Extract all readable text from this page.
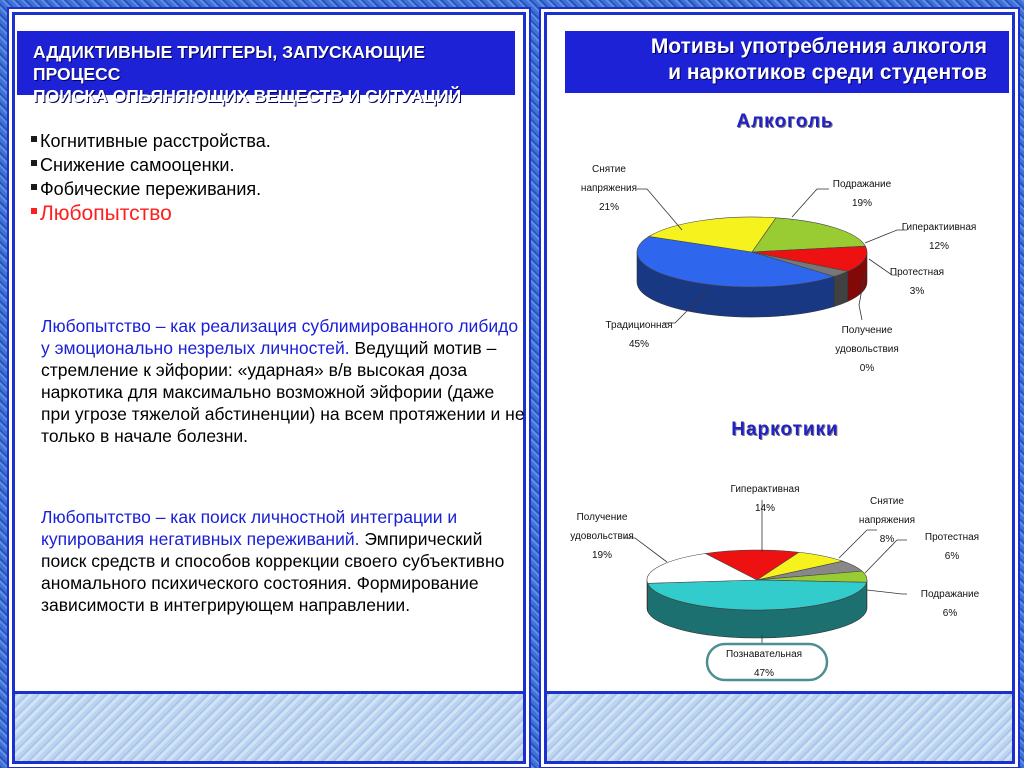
АДДИКТИВНЫЕ ТРИГГЕРЫ, ЗАПУСКАЮЩИЕ ПРОЦЕСС
ПОИСКА ОПЬЯНЯЮЩИХ ВЕЩЕСТВ И СИТУАЦИЙ
Когнитивные расстройства.
Снижение самооценки.
Фобические переживания.
Любопытство
Любопытство – как реализация сублимированного либидо у эмоционально незрелых личностей. Ведущий мотив – стремление к эйфории: «ударная» в/в высокая доза наркотика для максимально возможной эйфории (даже при угрозе тяжелой абстиненции) на всем протяжении и не только в начале болезни.
Любопытство – как поиск личностной интеграции и купирования негативных переживаний. Эмпирический поиск средств и способов коррекции своего субъективно аномального психического состояния. Формирование зависимости в интегрирующем направлении.
Мотивы употребления алкоголя
и наркотиков среди студентов
Алкоголь
Подражание 19%
Гиперактиивная 12%
Протестная 3%
Получение удовольствия 0%
Традиционная 45%
Снятие напряжения 21%
Наркотики
Гиперактивная 14%
Снятие напряжения 8%	Протестная 6%
Подражание 6%
Познавательная 47%
Получение удовольствия 19%
